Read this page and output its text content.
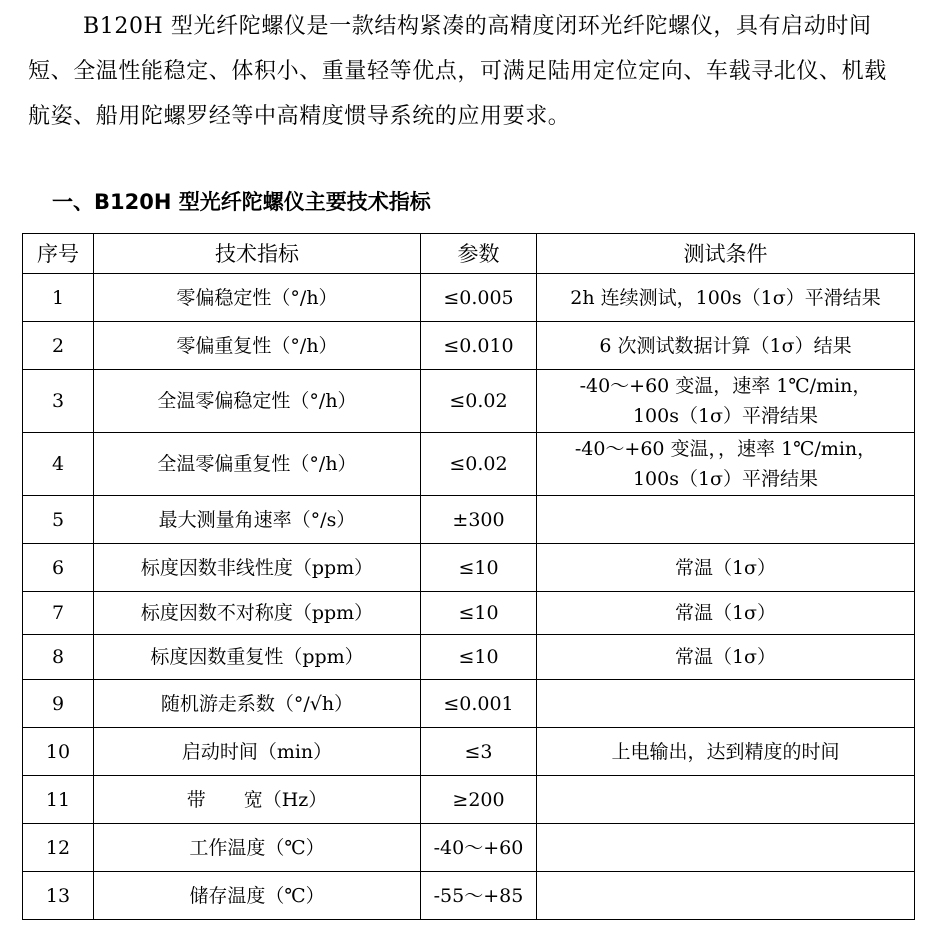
B120H 型光纤陀螺仪是一款结构紧凑的高精度闭环光纤陀螺仪，具有启动时间短、全温性能稳定、体积小、重量轻等优点，可满足陆用定位定向、车载寻北仪、机载航姿、船用陀螺罗经等中高精度惯导系统的应用要求。

一、B120H 型光纤陀螺仪主要技术指标
序号	技术指标	参数	测试条件
1	零偏稳定性（°/h）	≤0.005	2h 连续测试，100s（1σ）平滑结果

2	零偏重复性（°/h）	≤0.010	6 次测试数据计算（1σ）结果

3	全温零偏稳定性（°/h）	≤0.02	-40～+60 变温，速率 1℃/min，
100s（1σ）平滑结果

4	全温零偏重复性（°/h）	≤0.02	-40～+60 变温，，速率 1℃/min，
100s（1σ）平滑结果

5	最大测量角速率（°/s）	±300	
6	标度因数非线性度（ppm）	≤10	常温（1σ）

7	标度因数不对称度（ppm）	≤10	常温（1σ）

8	标度因数重复性（ppm）	≤10	常温（1σ）

9	随机游走系数（°/√h）	≤0.001	
10	启动时间（min）	≤3	上电输出，达到精度的时间

11	带　　宽（Hz）	≥200	
12	工作温度（℃）	-40～+60	
13	储存温度（℃）	-55～+85	
